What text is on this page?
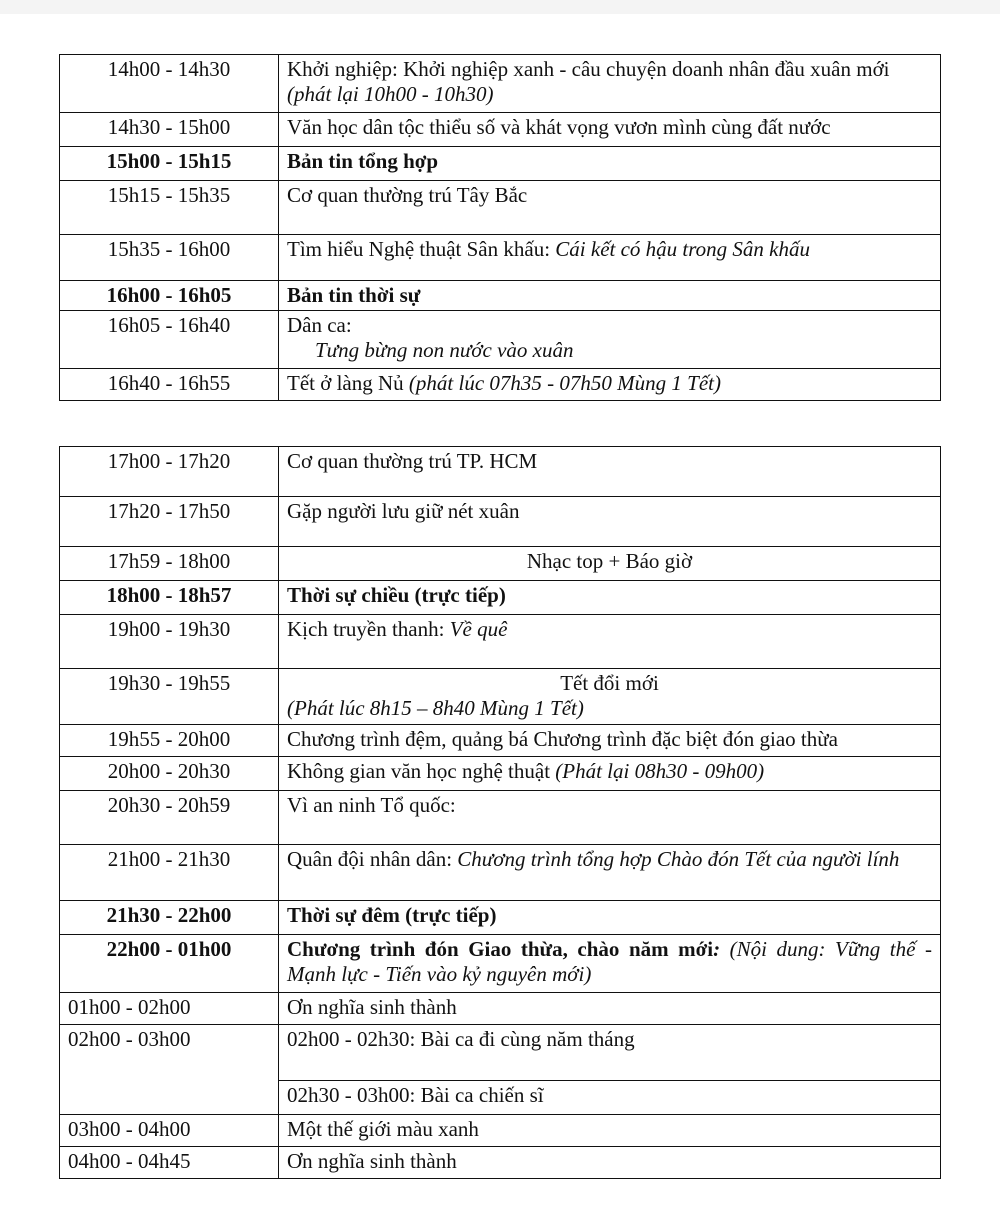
14h00 - 14h30	Khởi nghiệp: Khởi nghiệp xanh - câu chuyện doanh nhân đầu xuân mới (phát lại 10h00 - 10h30)
14h30 - 15h00	Văn học dân tộc thiểu số và khát vọng vươn mình cùng đất nước
15h00 - 15h15	Bản tin tổng hợp
15h15 - 15h35	Cơ quan thường trú Tây Bắc
15h35 - 16h00	Tìm hiểu Nghệ thuật Sân khấu: Cái kết có hậu trong Sân khấu
16h00 - 16h05	Bản tin thời sự
16h05 - 16h40	Dân ca:
Tưng bừng non nước vào xuân

16h40 - 16h55	Tết ở làng Nủ (phát lúc 07h35 - 07h50 Mùng 1 Tết)
17h00 - 17h20	Cơ quan thường trú TP. HCM
17h20 - 17h50	Gặp người lưu giữ nét xuân
17h59 - 18h00	Nhạc top + Báo giờ
18h00 - 18h57	Thời sự chiều (trực tiếp)
19h00 - 19h30	Kịch truyền thanh: Về quê
19h30 - 19h55	Tết đổi mới
(Phát lúc 8h15 – 8h40 Mùng 1 Tết)

19h55 - 20h00	Chương trình đệm, quảng bá Chương trình đặc biệt đón giao thừa
20h00 - 20h30	Không gian văn học nghệ thuật (Phát lại 08h30 - 09h00)
20h30 - 20h59	Vì an ninh Tổ quốc:
21h00 - 21h30	Quân đội nhân dân: Chương trình tổng hợp Chào đón Tết của người lính
21h30 - 22h00	Thời sự đêm (trực tiếp)
22h00 - 01h00	Chương trình đón Giao thừa, chào năm mới: (Nội dung: Vững thế - Mạnh lực - Tiến vào kỷ nguyên mới)
01h00 - 02h00	Ơn nghĩa sinh thành
02h00 - 03h00	02h00 - 02h30: Bài ca đi cùng năm tháng
	02h30 - 03h00: Bài ca chiến sĩ
03h00 - 04h00	Một thế giới màu xanh
04h00 - 04h45	Ơn nghĩa sinh thành
